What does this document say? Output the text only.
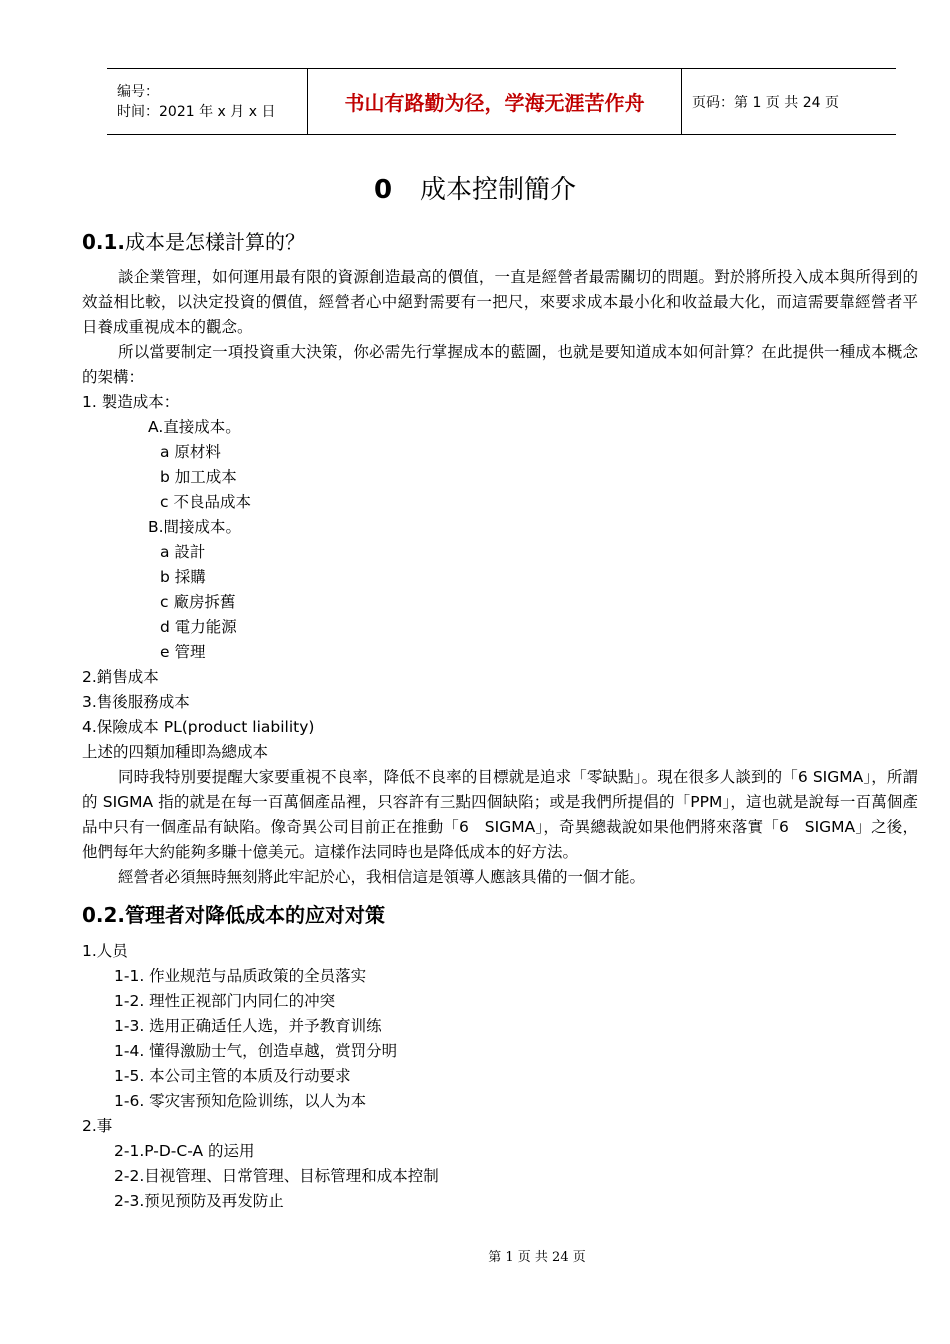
编号：
时间：2021 年 x 月 x 日	书山有路勤为径，学海无涯苦作舟	页码：第 1 页 共 24 页
0 成本控制簡介
0.1.成本是怎樣計算的？

談企業管理，如何運用最有限的資源創造最高的價值，一直是經營者最需關切的問題。對於將所投入成本與所得到的效益相比較，以決定投資的價值，經營者心中絕對需要有一把尺，來要求成本最小化和收益最大化，而這需要靠經營者平日養成重視成本的觀念。

所以當要制定一項投資重大決策，你必需先行掌握成本的藍圖，也就是要知道成本如何計算？在此提供一種成本概念的架構：

1. 製造成本：
A.直接成本。
a 原材料
b 加工成本
c 不良品成本
B.間接成本。
a 設計
b 採購
c 廠房拆舊
d 電力能源
e 管理
2.銷售成本
3.售後服務成本
4.保險成本 PL(product liability)
上述的四類加種即為總成本

同時我特別要提醒大家要重視不良率，降低不良率的目標就是追求「零缺點」。現在很多人談到的「6 SIGMA」，所謂的 SIGMA 指的就是在每一百萬個產品裡，只容許有三點四個缺陷；或是我們所提倡的「PPM」，這也就是說每一百萬個產品中只有一個產品有缺陷。像奇異公司目前正在推動「6　SIGMA」，奇異總裁說如果他們將來落實「6　SIGMA」之後，他們每年大約能夠多賺十億美元。這樣作法同時也是降低成本的好方法。

經營者必須無時無刻將此牢記於心，我相信這是領導人應該具備的一個才能。

0.2.管理者对降低成本的应对对策
1.人员
1-1. 作业规范与品质政策的全员落实
1-2. 理性正视部门内同仁的冲突
1-3. 选用正确适任人选，并予教育训练
1-4. 懂得激励士气，创造卓越，赏罚分明
1-5. 本公司主管的本质及行动要求
1-6. 零灾害预知危险训练，以人为本
2.事
2-1.P-D-C-A 的运用
2-2.目视管理、日常管理、目标管理和成本控制
2-3.预见预防及再发防止
第 1 页 共 24 页
